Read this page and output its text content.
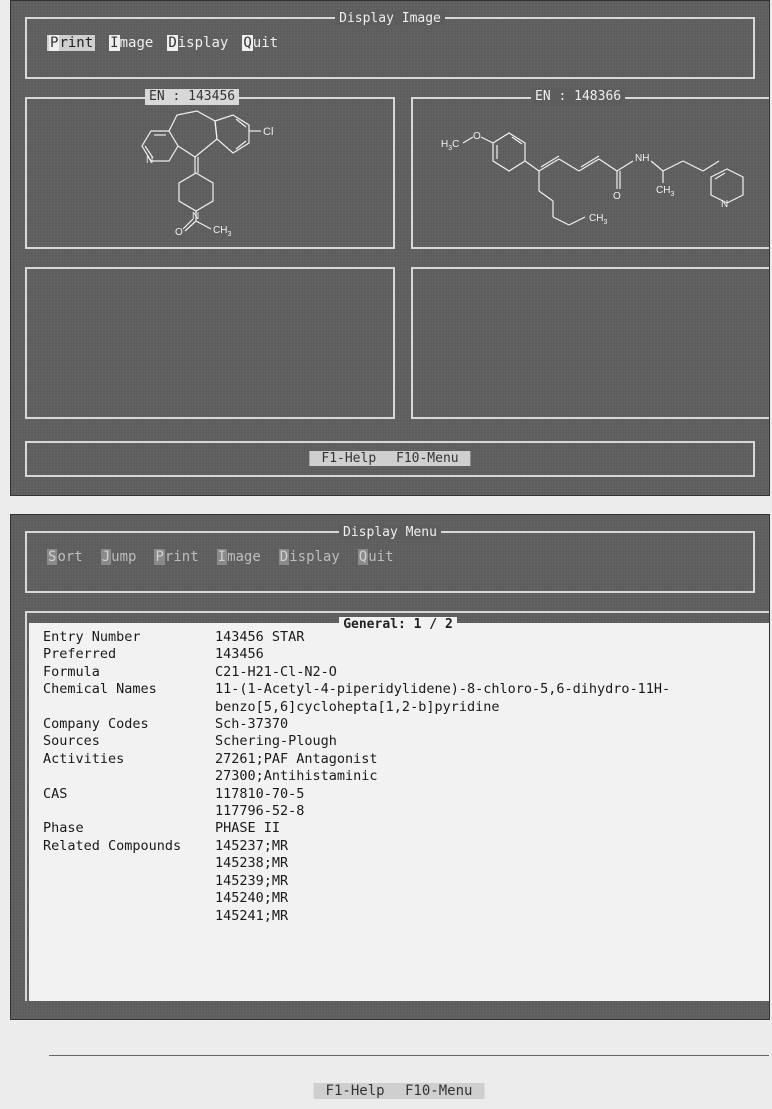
Display Image
Print Image Display Quit
EN : 143456
Cl
N
N
O	$CH_3$
EN : 148366
$H_3C$
O
$CH_3$
O
NH
$CH_3$
N
F1-Help F10-Menu
Display Menu
Sort Jump Print Image Display Quit
Entry Number	143456 STAR
Preferred	143456
Formula	C21-H21-Cl-N2-O
Chemical Names	11-(1-Acetyl-4-piperidylidene)-8-chloro-5,6-dihydro-11H-
benzo[5,6]cyclohepta[1,2-b]pyridine
Company Codes	Sch-37370
Sources	Schering-Plough
Activities	27261;PAF Antagonist
27300;Antihistaminic
CAS	117810-70-5
117796-52-8
Phase	PHASE II
Related Compounds	145237;MR
145238;MR
145239;MR
145240;MR
145241;MR
F1-Help F10-Menu
General: 1 / 2
